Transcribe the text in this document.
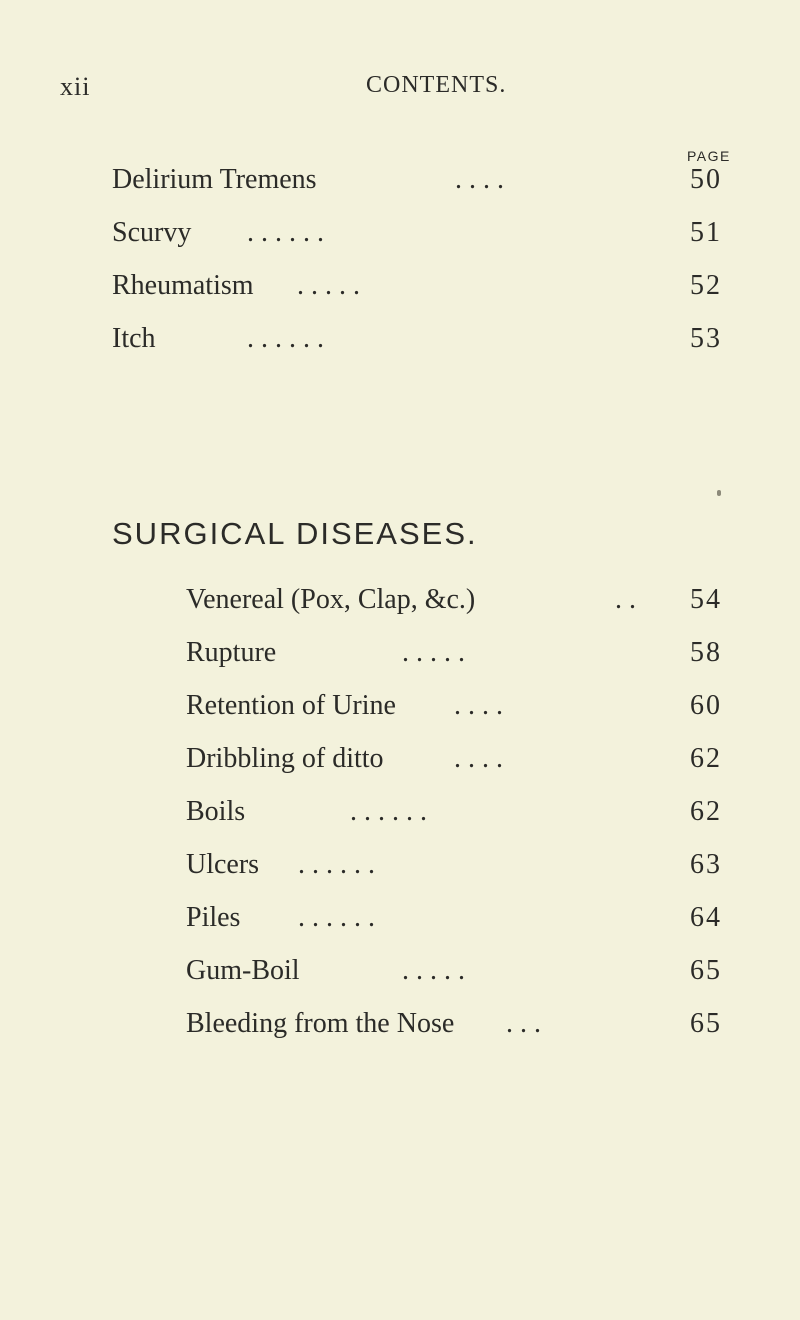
xii	CONTENTS.
PAGE
Delirium Tremens	. . . .	50
Scurvy . . . . . .	51
Rheumatism . . . . .	52
Itch	. . . . . .	53
SURGICAL DISEASES.
Venereal (Pox, Clap, &c.)	. . 54
Rupture	. . . . .	58
Retention of Urine . . . .	60
Dribbling of ditto	. . . .	62
Boils	. . . . . .	62
Ulcers . . . . . .	63
Piles . . . . . .	64
Gum-Boil	. . . . .	65
Bleeding from the Nose . . .	65
